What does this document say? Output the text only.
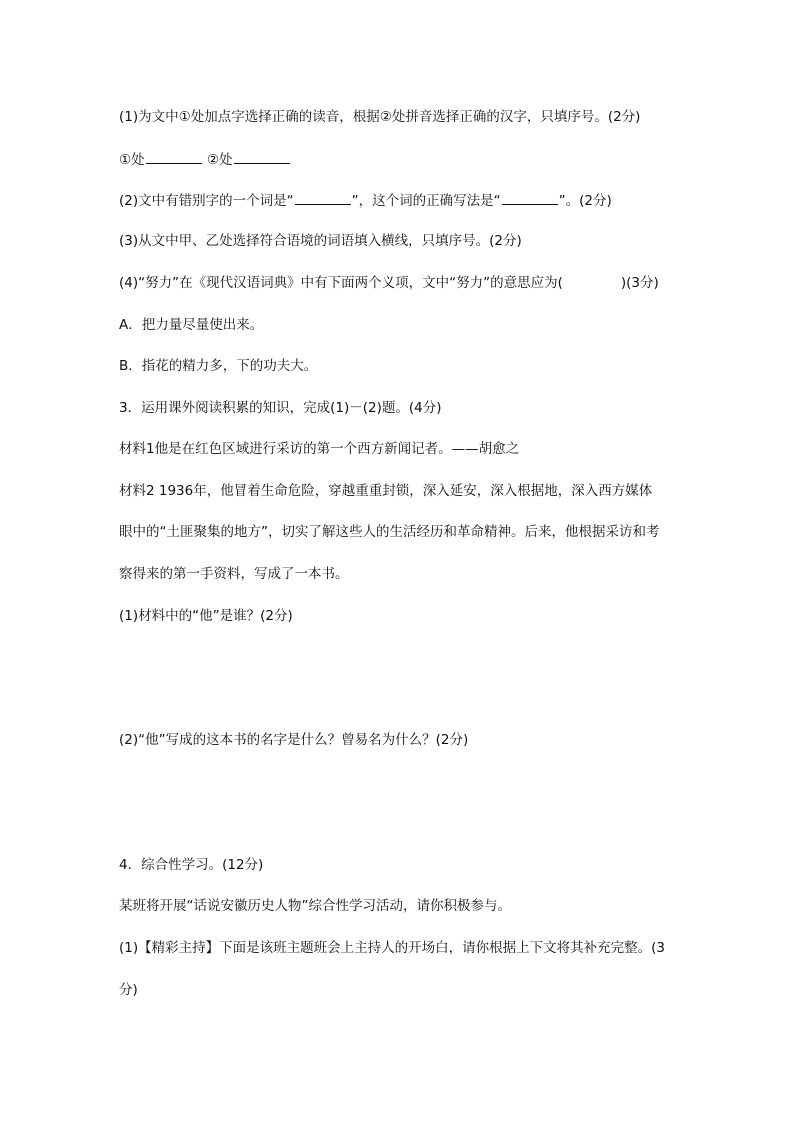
(1)为文中①处加点字选择正确的读音，根据②处拼音选择正确的汉字，只填序号。(2分)
①处	②处
(2)文中有错别字的一个词是“	”，这个词的正确写法是“	”。(2分)
(3)从文中甲、乙处选择符合语境的词语填入横线，只填序号。(2分)
(4)“努力”在《现代汉语词典》中有下面两个义项，文中“努力”的意思应为(	)(3分)
A．把力量尽量使出来。
B．指花的精力多，下的功夫大。
3．运用课外阅读积累的知识，完成(1)－(2)题。(4分)
材料1他是在红色区域进行采访的第一个西方新闻记者。——胡愈之
材料2 1936年，他冒着生命危险，穿越重重封锁，深入延安，深入根据地，深入西方媒体
眼中的“土匪聚集的地方”，切实了解这些人的生活经历和革命精神。后来，他根据采访和考
察得来的第一手资料，写成了一本书。
(1)材料中的“他”是谁？(2分)
(2)“他”写成的这本书的名字是什么？曾易名为什么？(2分)
4．综合性学习。(12分)
某班将开展“话说安徽历史人物”综合性学习活动，请你积极参与。
(1)【精彩主持】下面是该班主题班会上主持人的开场白，请你根据上下文将其补充完整。(3
分)
